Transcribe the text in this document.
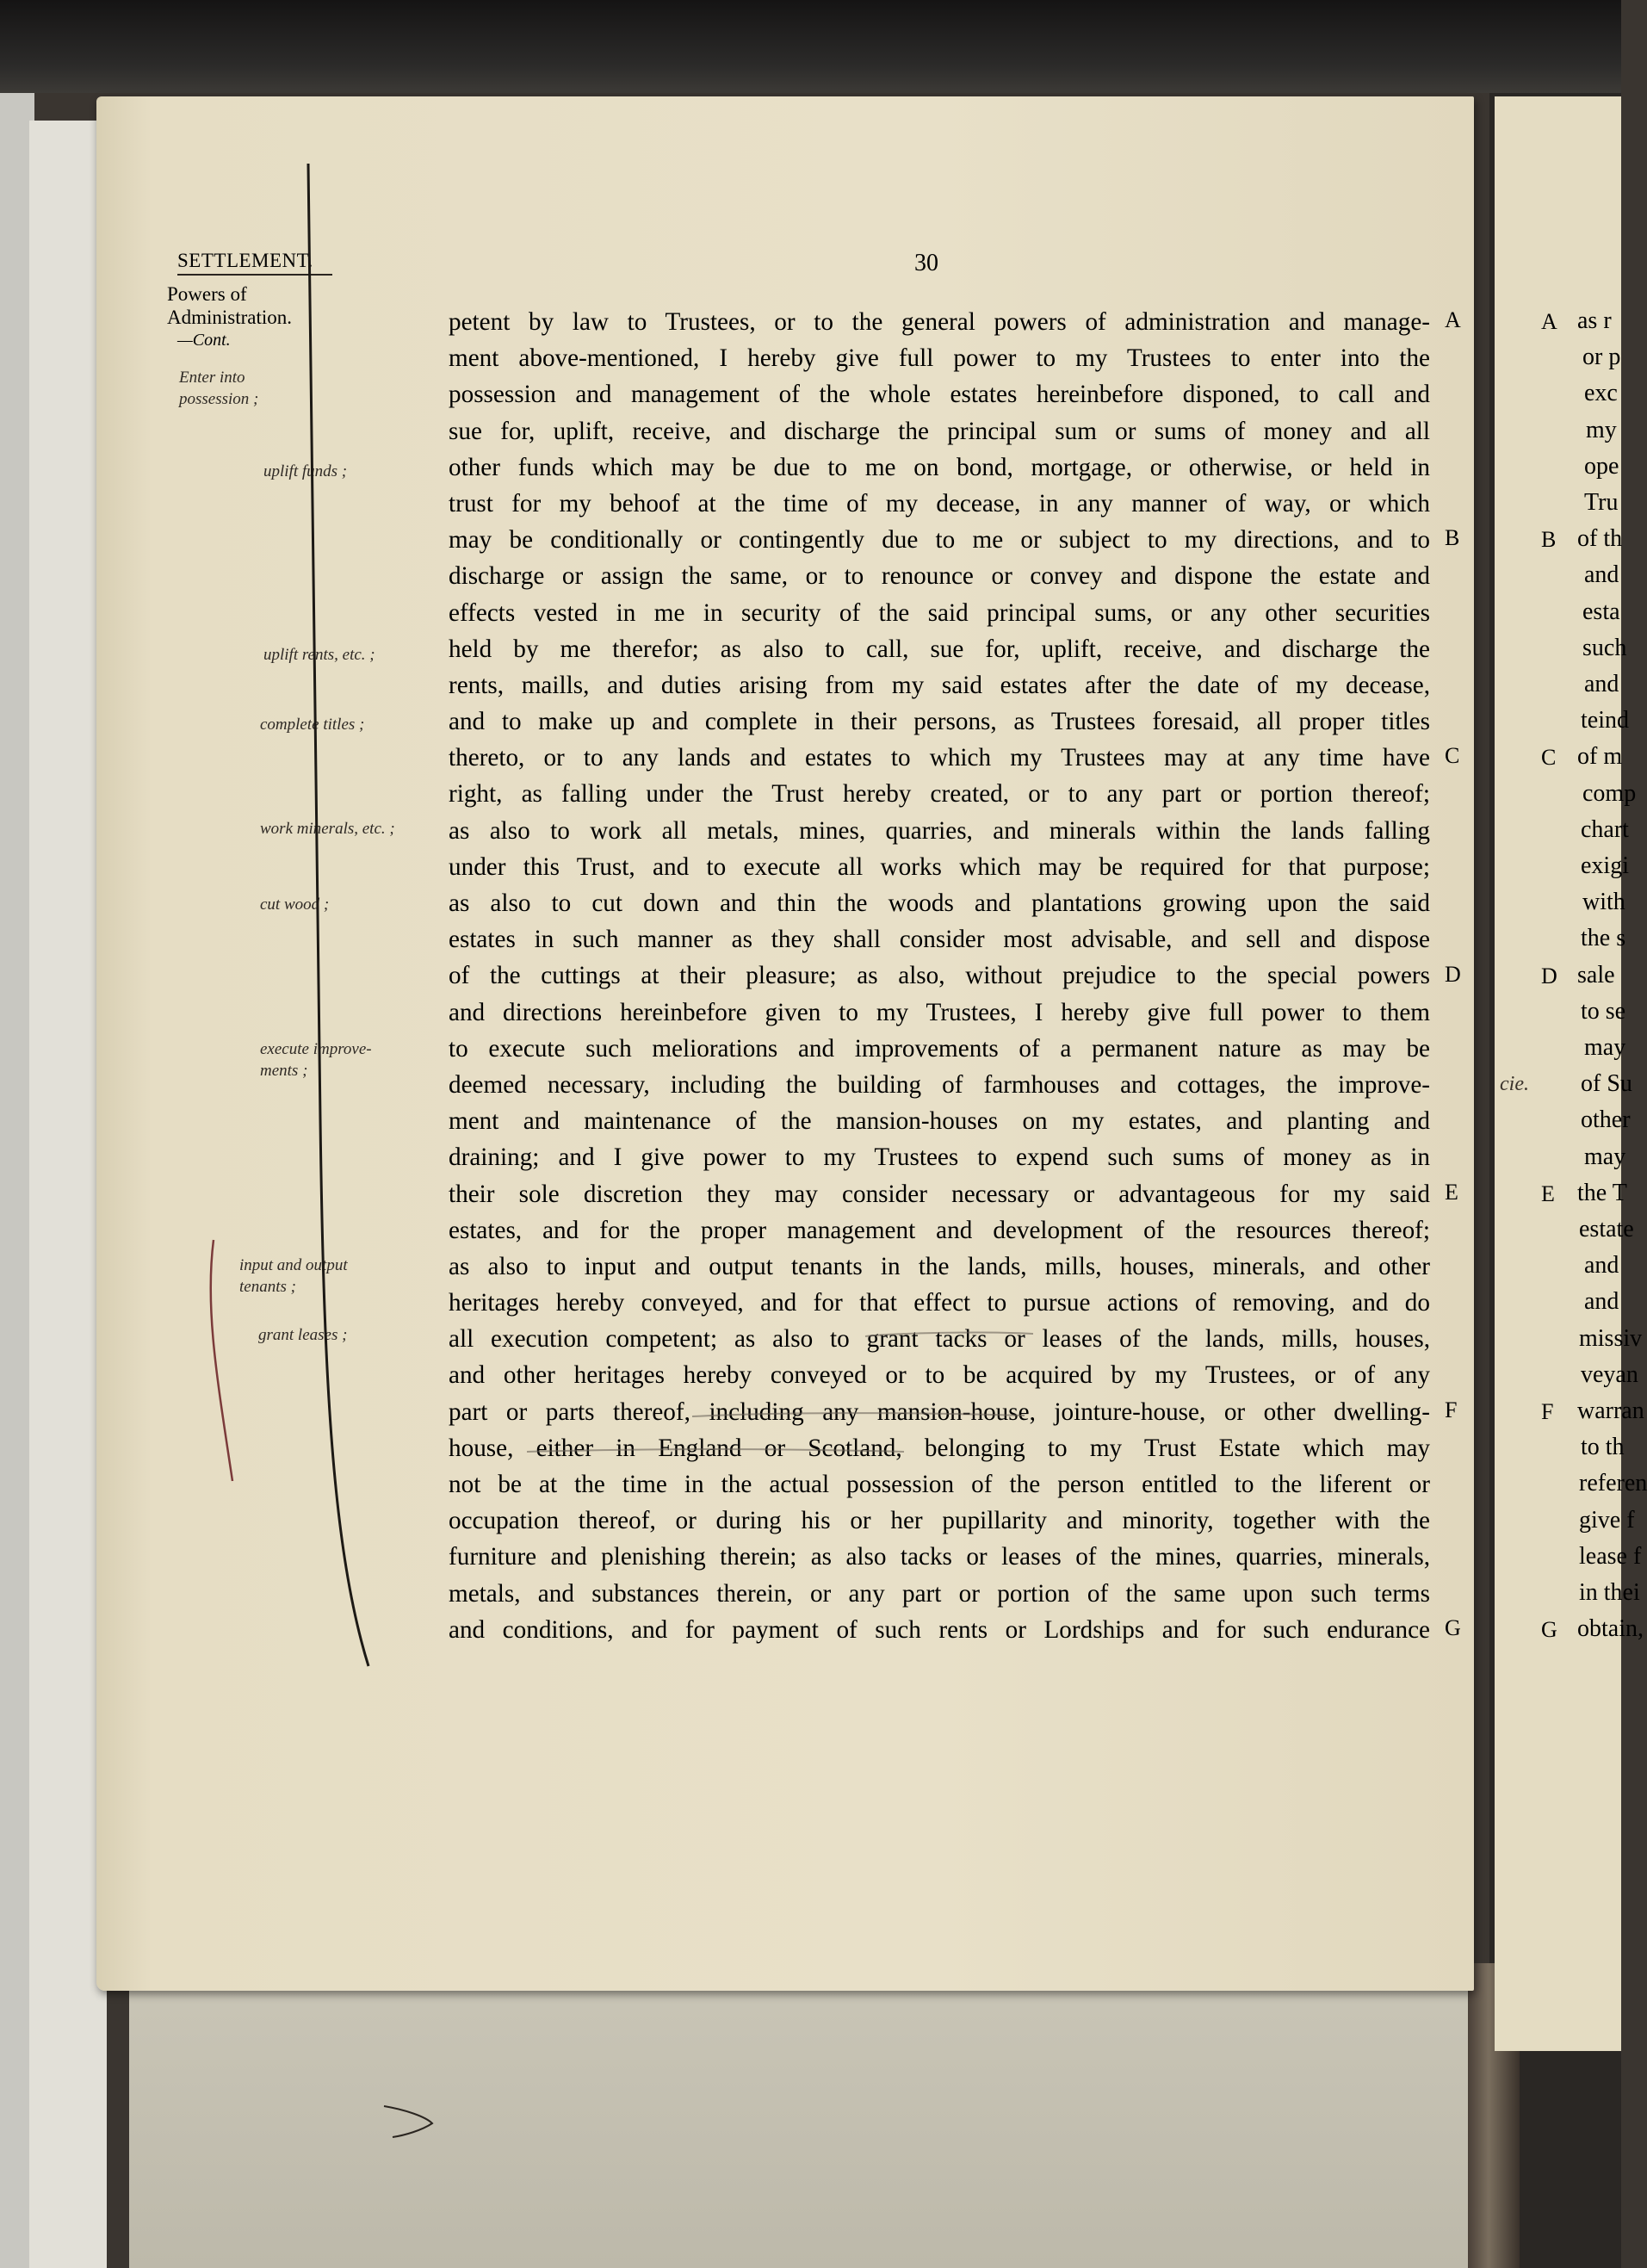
A
B
C
D
E
F
G
as r
or p
exc
my
ope
Tru
of th
and
esta
such
and
teind
of m
comp
chart
exigi
with
the s
sale
to se
may
of Su
other
may
the T
estate
and
and
missiv
veyan
warran
to th
referen
give f
lease f
in thei
obtain,
cie.
SETTLEMENT.	30
Powers of
Administration.
—Cont.
Enter into
possession ;
uplift funds ;
uplift rents, etc. ;
complete titles ;
work minerals, etc. ;
cut wood ;
execute improve-
ments ;
input and output
tenants ;
grant leases ;
petent by law to Trustees, or to the general powers of administration and manage-
ment above-mentioned, I hereby give full power to my Trustees to enter into the
possession and management of the whole estates hereinbefore disponed, to call and
sue for, uplift, receive, and discharge the principal sum or sums of money and all
other funds which may be due to me on bond, mortgage, or otherwise, or held in
trust for my behoof at the time of my decease, in any manner of way, or which
may be conditionally or contingently due to me or subject to my directions, and to
discharge or assign the same, or to renounce or convey and dispone the estate and
effects vested in me in security of the said principal sums, or any other securities
held by me therefor; as also to call, sue for, uplift, receive, and discharge the
rents, maills, and duties arising from my said estates after the date of my decease,
and to make up and complete in their persons, as Trustees foresaid, all proper titles
thereto, or to any lands and estates to which my Trustees may at any time have
right, as falling under the Trust hereby created, or to any part or portion thereof;
as also to work all metals, mines, quarries, and minerals within the lands falling
under this Trust, and to execute all works which may be required for that purpose;
as also to cut down and thin the woods and plantations growing upon the said
estates in such manner as they shall consider most advisable, and sell and dispose
of the cuttings at their pleasure; as also, without prejudice to the special powers
and directions hereinbefore given to my Trustees, I hereby give full power to them
to execute such meliorations and improvements of a permanent nature as may be
deemed necessary, including the building of farmhouses and cottages, the improve-
ment and maintenance of the mansion-houses on my estates, and planting and
draining; and I give power to my Trustees to expend such sums of money as in
their sole discretion they may consider necessary or advantageous for my said
estates, and for the proper management and development of the resources thereof;
as also to input and output tenants in the lands, mills, houses, minerals, and other
heritages hereby conveyed, and for that effect to pursue actions of removing, and do
all execution competent; as also to grant tacks or leases of the lands, mills, houses,
and other heritages hereby conveyed or to be acquired by my Trustees, or of any
part or parts thereof, including any mansion-house, jointure-house, or other dwelling-
house, either in England or Scotland, belonging to my Trust Estate which may
not be at the time in the actual possession of the person entitled to the liferent or
occupation thereof, or during his or her pupillarity and minority, together with the
furniture and plenishing therein; as also tacks or leases of the mines, quarries, minerals,
metals, and substances therein, or any part or portion of the same upon such terms
and conditions, and for payment of such rents or Lordships and for such endurance
A
B
C
D
E
F
G
